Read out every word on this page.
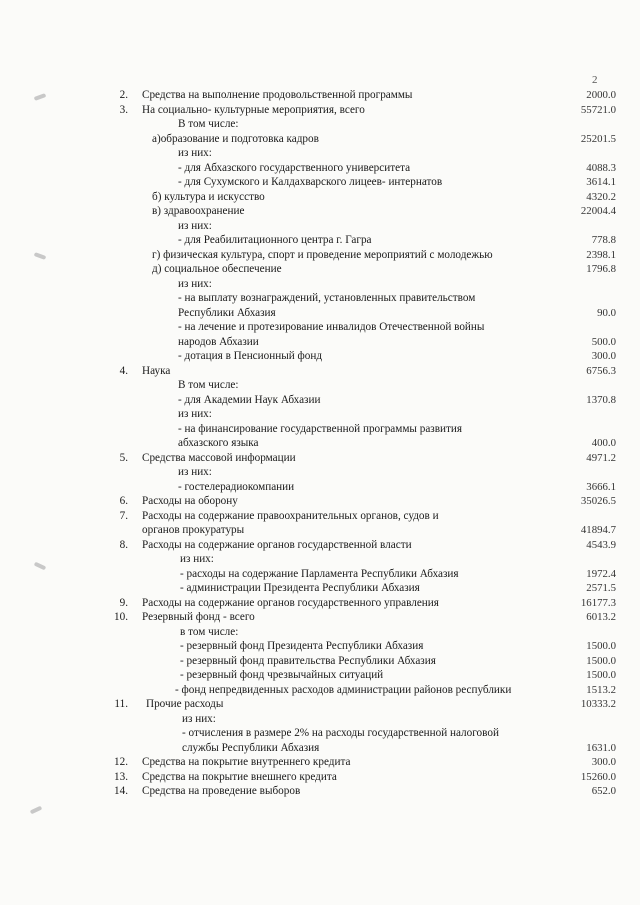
2
2. Средства на выполнение продовольственной программы	2000.0
3. На социально- культурные мероприятия, всего	55721.0
В том числе:
а)образование и подготовка кадров	25201.5
из них:
- для Абхазского государственного университета	4088.3
- для Сухумского и Калдахварского лицеев- интернатов	3614.1
б) культура и искусство	4320.2
в) здравоохранение	22004.4
из них:
- для Реабилитационного центра г. Гагра	778.8
г) физическая культура, спорт и проведение мероприятий с молодежью	2398.1
д) социальное обеспечение	1796.8
из них:
- на выплату вознаграждений, установленных правительством
Республики Абхазия	90.0
- на лечение и протезирование инвалидов Отечественной войны
народов Абхазии	500.0
- дотация в Пенсионный фонд	300.0
4. Наука	6756.3
В том числе:
- для Академии Наук Абхазии	1370.8
из них:
- на финансирование государственной программы развития
абхазского языка	400.0
5. Средства массовой информации	4971.2
из них:
- гостелерадиокомпании	3666.1
6. Расходы на оборону	35026.5
7. Расходы на содержание правоохранительных органов, судов и
органов прокуратуры	41894.7
8. Расходы на содержание органов государственной власти	4543.9
из них:
- расходы на содержание Парламента Республики Абхазия	1972.4
- администрации Президента Республики Абхазия	2571.5
9. Расходы на содержание органов государственного управления	16177.3
10. Резервный фонд - всего	6013.2
в том числе:
- резервный фонд Президента Республики Абхазия	1500.0
- резервный фонд правительства Республики Абхазия	1500.0
- резервный фонд чрезвычайных ситуаций	1500.0
- фонд непредвиденных расходов администрации районов республики	1513.2
11. Прочие расходы	10333.2
из них:
- отчисления в размере 2% на расходы государственной налоговой
службы Республики Абхазия	1631.0
12. Средства на покрытие внутреннего кредита	300.0
13. Средства на покрытие внешнего кредита	15260.0
14. Средства на проведение выборов	652.0
